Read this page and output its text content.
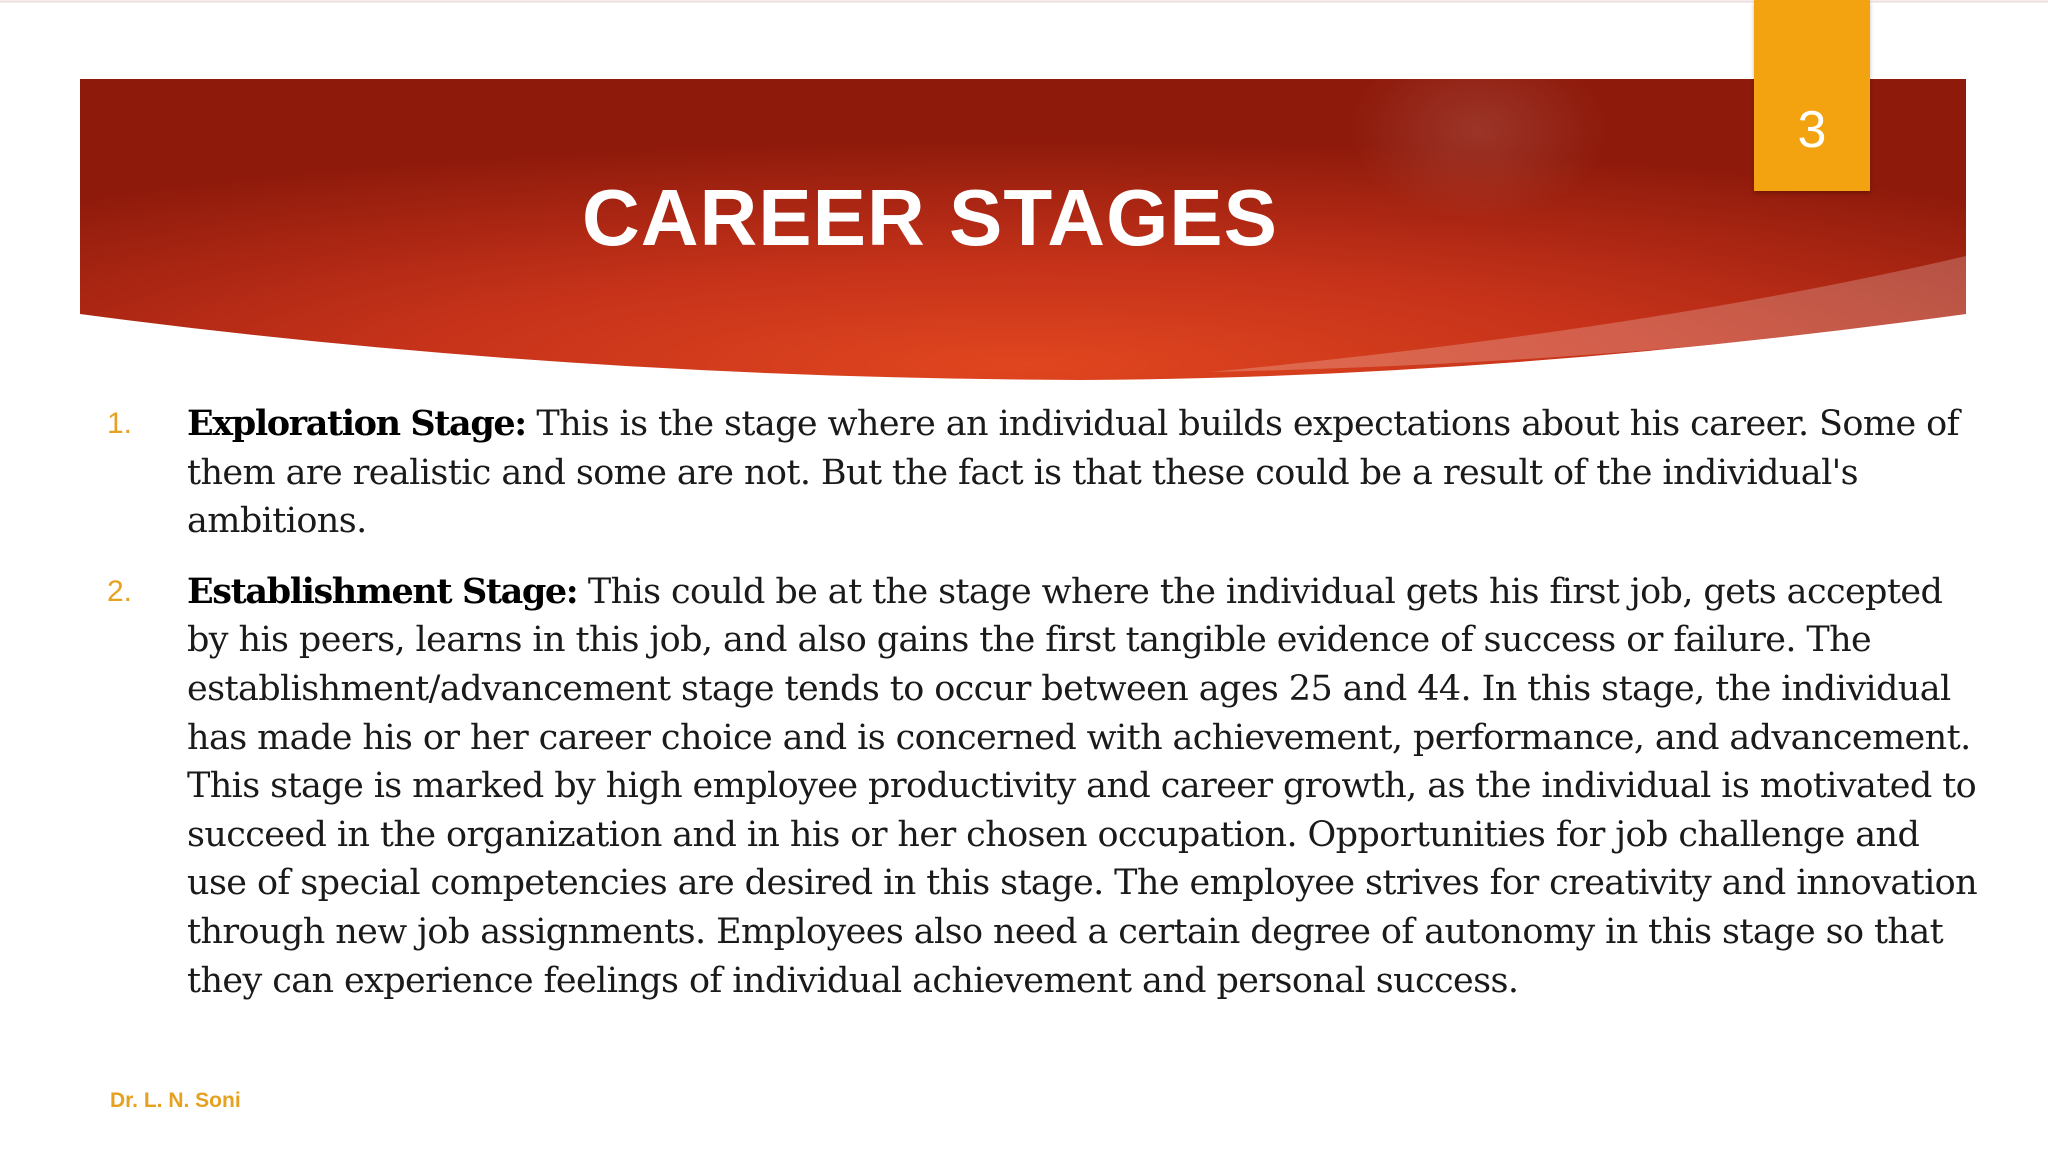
CAREER STAGES
3
1. Exploration Stage: This is the stage where an individual builds expectations about his career. Some of them are realistic and some are not. But the fact is that these could be a result of the individual's ambitions.
2. Establishment Stage: This could be at the stage where the individual gets his first job, gets accepted by his peers, learns in this job, and also gains the first tangible evidence of success or failure. The establishment/advancement stage tends to occur between ages 25 and 44. In this stage, the individual has made his or her career choice and is concerned with achievement, performance, and advancement. This stage is marked by high employee productivity and career growth, as the individual is motivated to succeed in the organization and in his or her chosen occupation. Opportunities for job challenge and use of special competencies are desired in this stage. The employee strives for creativity and innovation through new job assignments. Employees also need a certain degree of autonomy in this stage so that they can experience feelings of individual achievement and personal success.
Dr. L. N. Soni
